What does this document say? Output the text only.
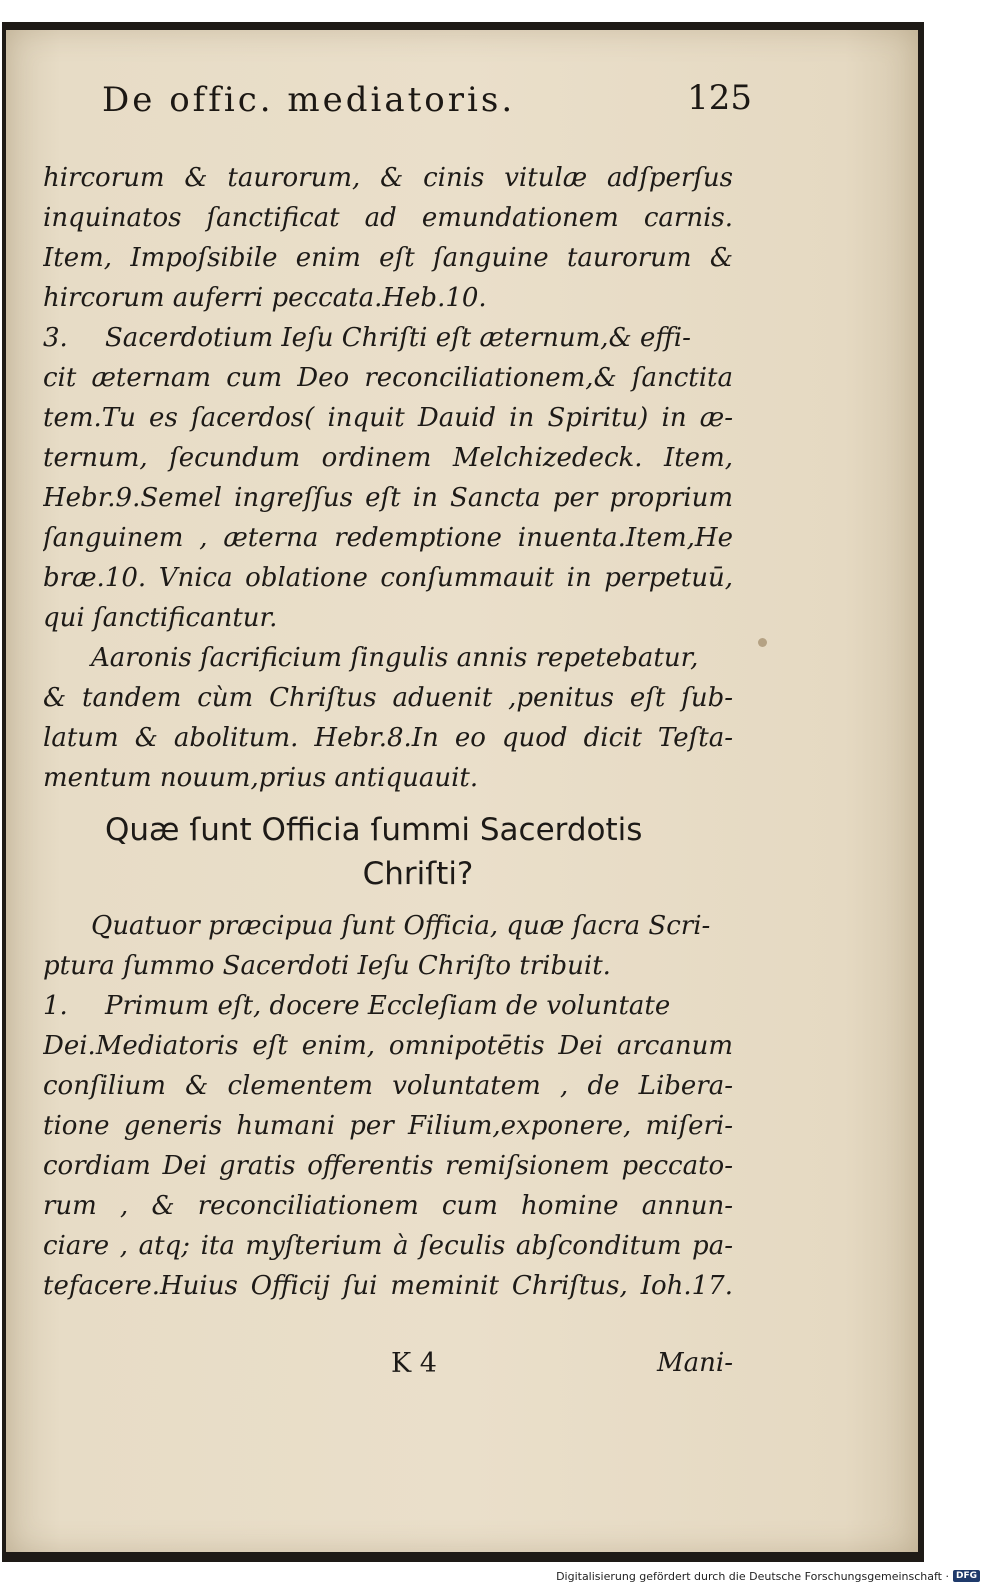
De offic. mediatoris.	125
hircorum & taurorum, & cinis vitulæ adſperſus
inquinatos ſanctificat ad emundationem carnis.
Item, Impoſsibile enim eſt ſanguine taurorum &
hircorum auferri peccata.Heb.10.
3. Sacerdotium Ieſu Chriſti eſt æternum,& effi-
cit æternam cum Deo reconciliationem,& ſanctita
tem.Tu es ſacerdos( inquit Dauid in Spiritu) in æ-
ternum, ſecundum ordinem Melchizedeck. Item,
Hebr.9.Semel ingreſſus eſt in Sancta per proprium
ſanguinem , æterna redemptione inuenta.Item,He
bræ.10. Vnica oblatione conſummauit in perpetuū,
qui ſanctificantur.
Aaronis ſacrificium ſingulis annis repetebatur,
& tandem cùm Chriſtus aduenit ,penitus eſt ſub-
latum & abolitum. Hebr.8.In eo quod dicit Teſta-
mentum nouum,prius antiquauit.
Quæ ſunt Officia ſummi Sacerdotis
Chriſti?
Quatuor præcipua ſunt Officia, quæ ſacra Scri-
ptura ſummo Sacerdoti Ieſu Chriſto tribuit.
1. Primum eſt, docere Eccleſiam de voluntate
Dei.Mediatoris eſt enim, omnipotētis Dei arcanum
conſilium & clementem voluntatem , de Libera-
tione generis humani per Filium,exponere, miſeri-
cordiam Dei gratis offerentis remiſsionem peccato-
rum , & reconciliationem cum homine annun-
ciare , atq; ita myſterium à ſeculis abſconditum pa-
tefacere.Huius Officij ſui meminit Chriſtus, Ioh.17.
K 4	Mani-
Digitalisierung gefördert durch die Deutsche Forschungsgemeinschaft · DFG
